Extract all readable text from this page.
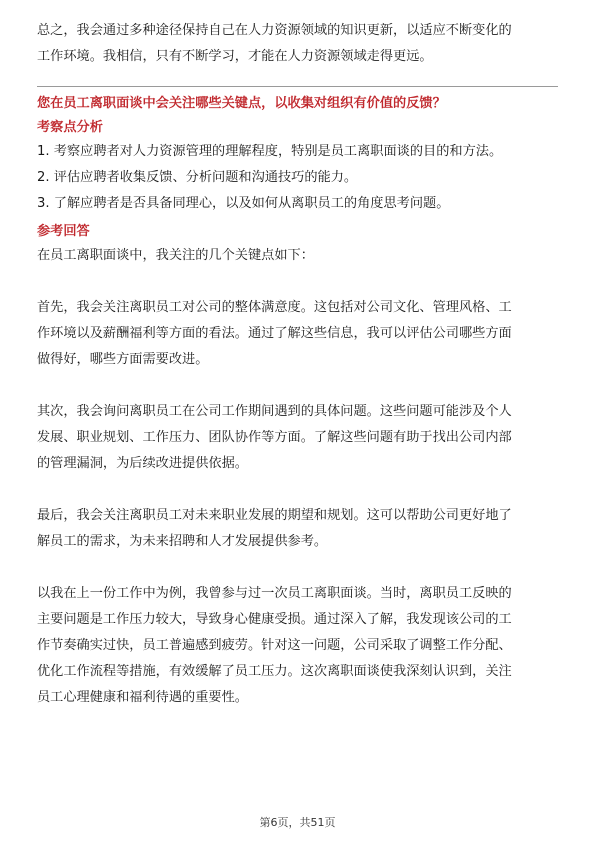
总之，我会通过多种途径保持自己在人力资源领域的知识更新，以适应不断变化的

工作环境。我相信，只有不断学习，才能在人力资源领域走得更远。

您在员工离职面谈中会关注哪些关键点，以收集对组织有价值的反馈？

考察点分析

1. 考察应聘者对人力资源管理的理解程度，特别是员工离职面谈的目的和方法。

2. 评估应聘者收集反馈、分析问题和沟通技巧的能力。

3. 了解应聘者是否具备同理心，以及如何从离职员工的角度思考问题。

参考回答

在员工离职面谈中，我关注的几个关键点如下：

首先，我会关注离职员工对公司的整体满意度。这包括对公司文化、管理风格、工

作环境以及薪酬福利等方面的看法。通过了解这些信息，我可以评估公司哪些方面

做得好，哪些方面需要改进。

其次，我会询问离职员工在公司工作期间遇到的具体问题。这些问题可能涉及个人

发展、职业规划、工作压力、团队协作等方面。了解这些问题有助于找出公司内部

的管理漏洞，为后续改进提供依据。

最后，我会关注离职员工对未来职业发展的期望和规划。这可以帮助公司更好地了

解员工的需求，为未来招聘和人才发展提供参考。

以我在上一份工作中为例，我曾参与过一次员工离职面谈。当时，离职员工反映的

主要问题是工作压力较大，导致身心健康受损。通过深入了解，我发现该公司的工

作节奏确实过快，员工普遍感到疲劳。针对这一问题，公司采取了调整工作分配、

优化工作流程等措施，有效缓解了员工压力。这次离职面谈使我深刻认识到，关注

员工心理健康和福利待遇的重要性。

第6页，共51页
